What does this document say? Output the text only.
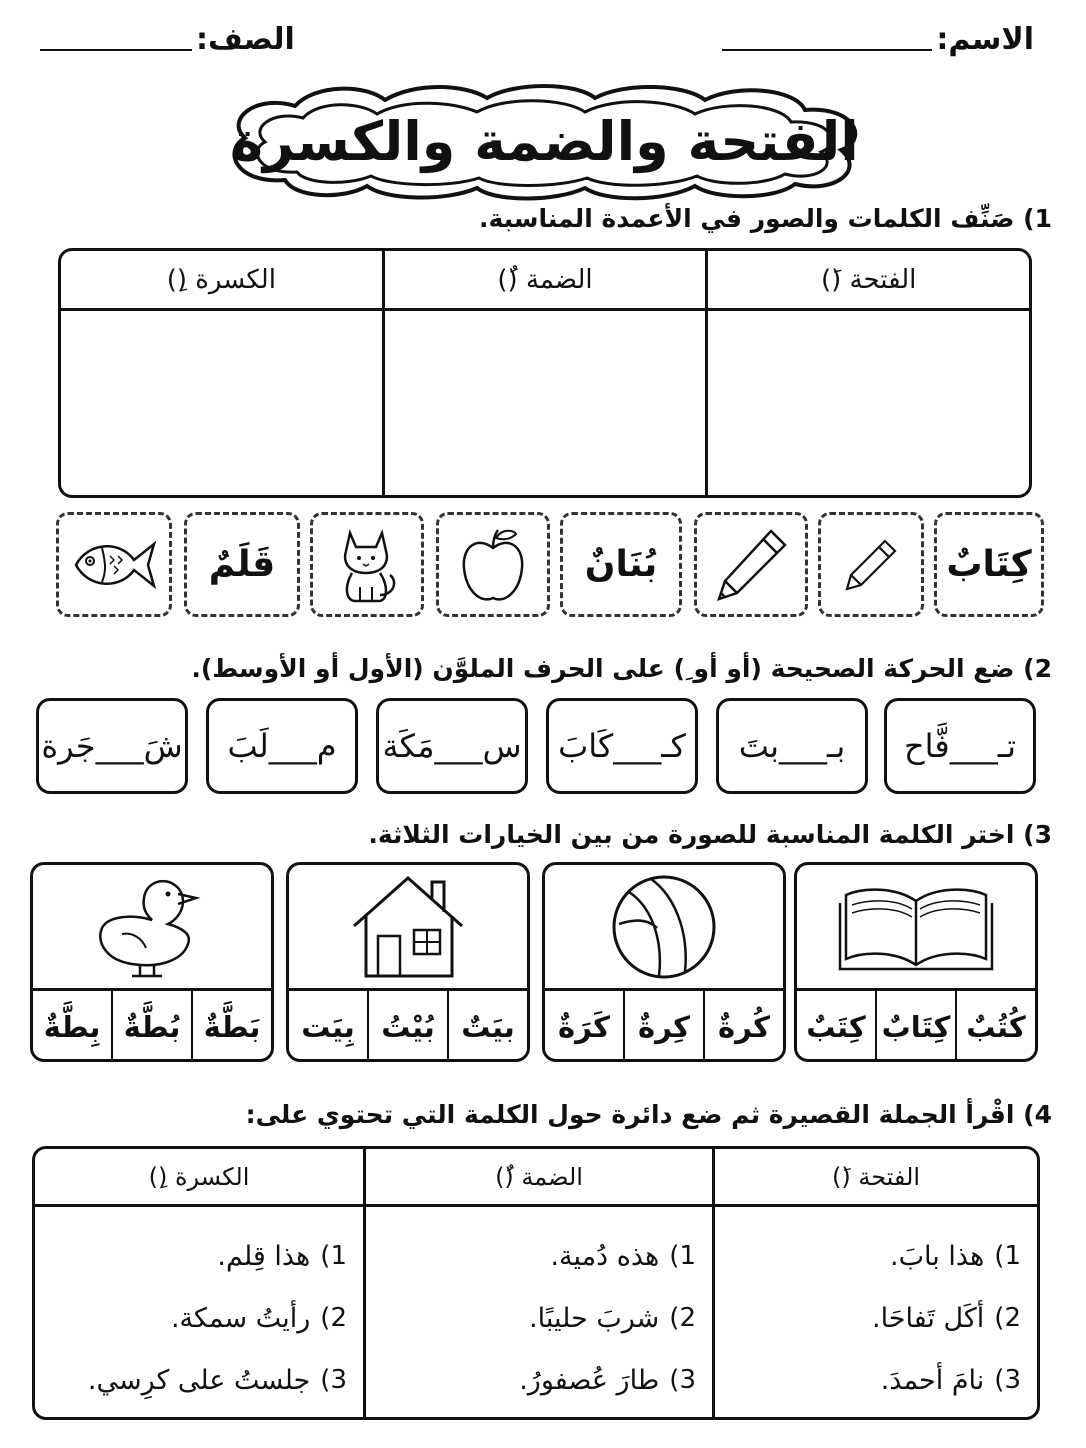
الاسم:
الصف:
الفتحة والضمة والكسرة
1) صَنِّف الكلمات والصور في الأعمدة المناسبة.
الفتحة (َ)
الضمة (ُ)
الكسرة (ِ)
قَلَمٌ	بُنَانٌ	كِتَابٌ
2) ضع الحركة الصحيحة (أو أو ِ) على الحرف الملوَّن (الأول أو الأوسط).
تـ___فَّاح
بـ___بتَ
كـ___كَابَ
س___مَكَة
م___لَبَ
شَ___جَرة
3) اختر الكلمة المناسبة للصورة من بين الخيارات الثلاثة.
كُتُبٌ
كِتَابٌ
كِتَبٌ
كُرةٌ
كِرةٌ
كَرَةٌ
بيَتٌ
بُيْتُ
بِيَت
بَطَّةٌ
بُطَّةٌ
بِطَّةٌ
4) اقْرأ الجملة القصيرة ثم ضع دائرة حول الكلمة التي تحتوي على:
الفتحة (َ)
1)
هذا بابَ.
2)
أكَل تَفاحَا.
3)
نامَ أحمدَ.
الضمة (ُ)
1)
هذه دُمية.
2)
شربَ حليبًا.
3)
طارَ عُصفورُ.
الكسرة (ِ)
1)
هذا قِلم.
2)
رأيتُ سمكة.
3)
جلستُ على كرِسي.
